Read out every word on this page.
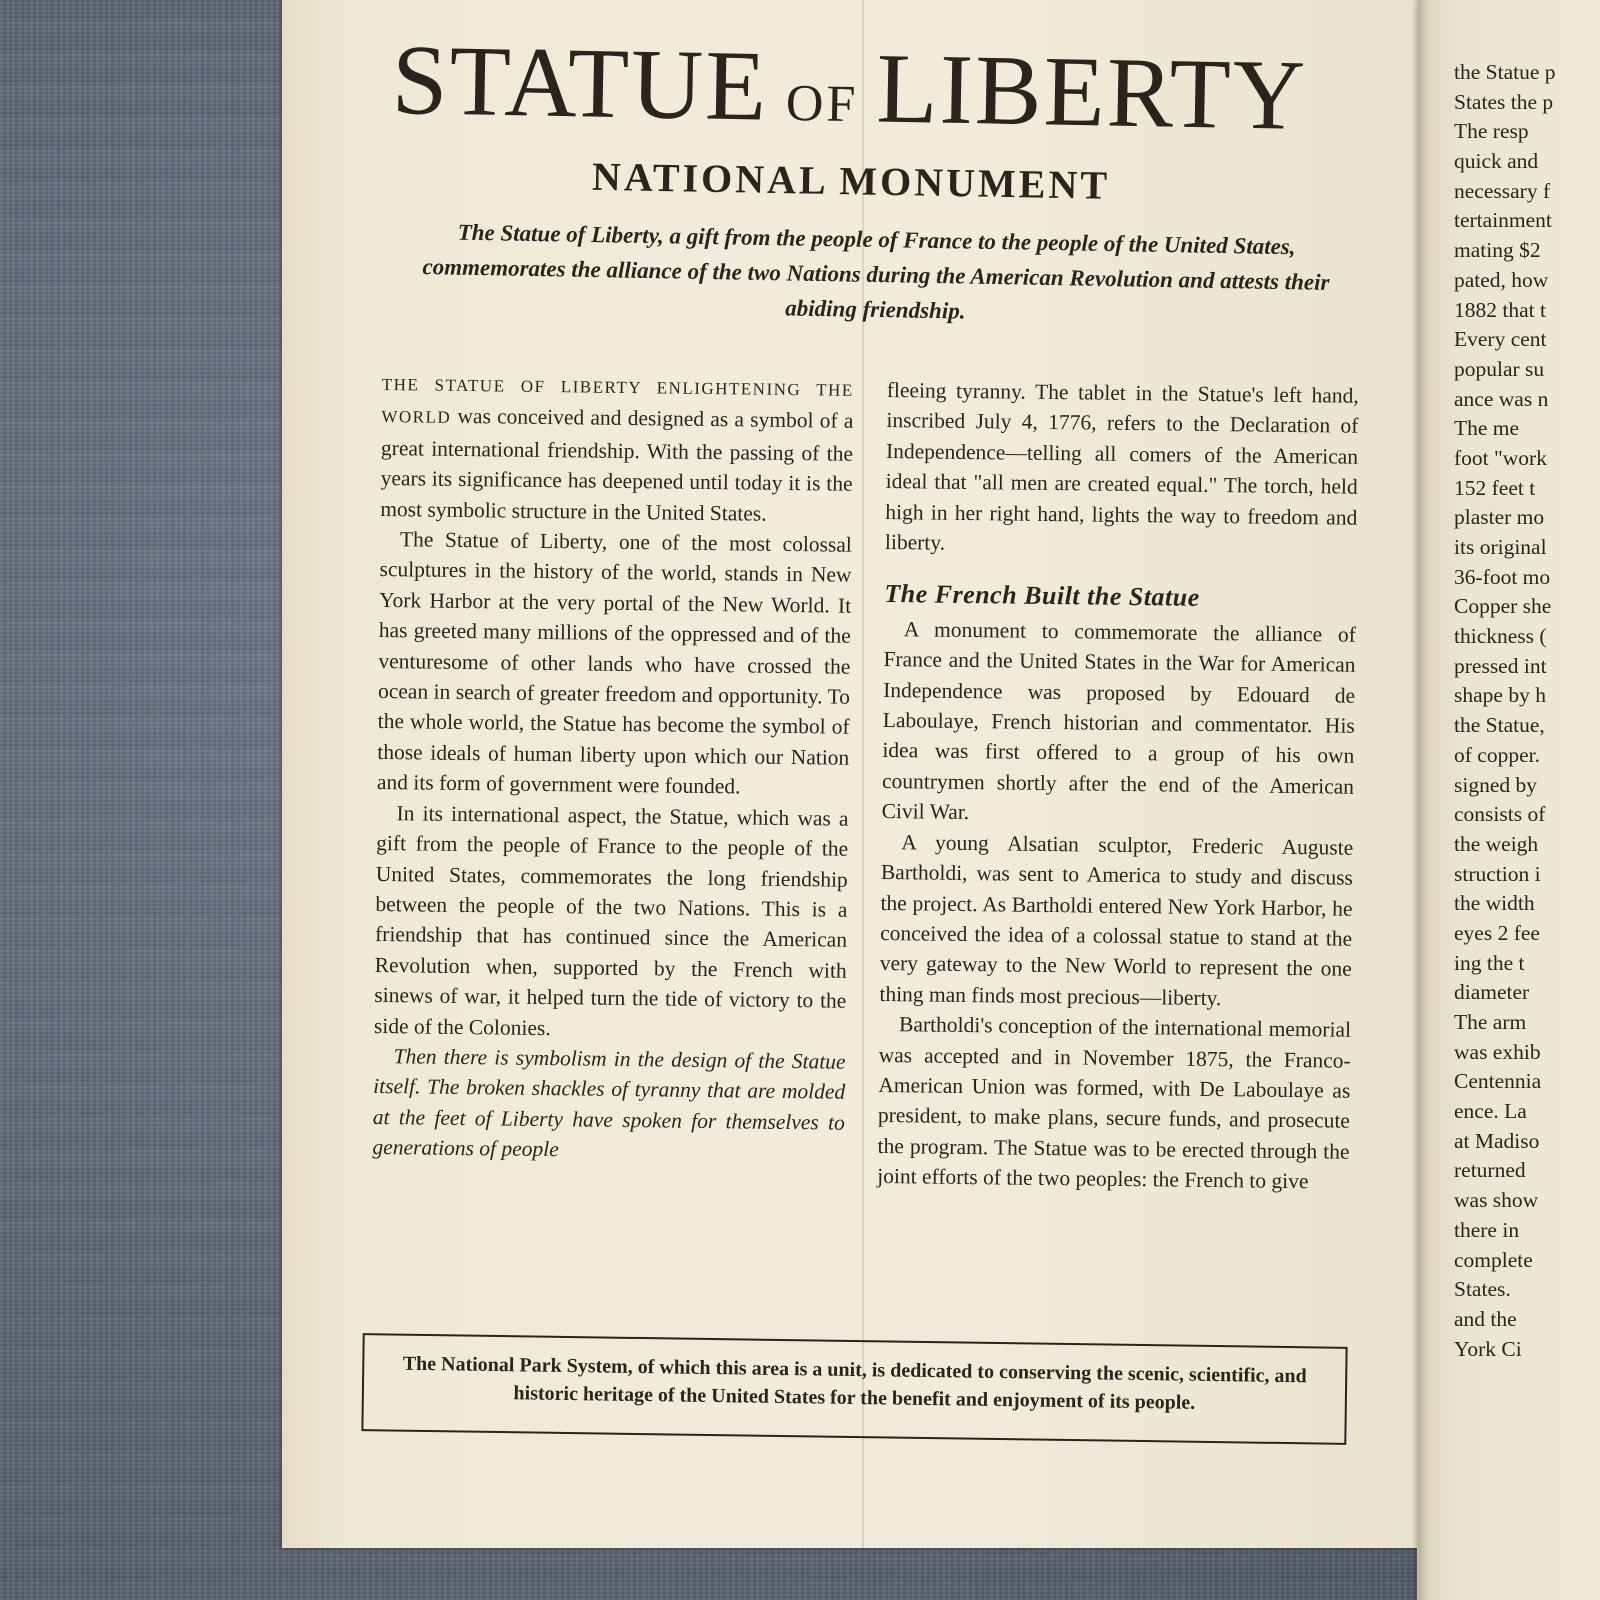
STATUE OF LIBERTY
NATIONAL MONUMENT
The Statue of Liberty, a gift from the people of France to the people of the United States, commemorates the alliance of the two Nations during the American Revolution and attests their abiding friendship.

THE STATUE OF LIBERTY ENLIGHTENING THE WORLD was conceived and designed as a symbol of a great international friendship. With the passing of the years its significance has deepened until today it is the most symbolic structure in the United States.

The Statue of Liberty, one of the most colossal sculptures in the history of the world, stands in New York Harbor at the very portal of the New World. It has greeted many millions of the oppressed and of the venturesome of other lands who have crossed the ocean in search of greater freedom and opportunity. To the whole world, the Statue has become the symbol of those ideals of human liberty upon which our Nation and its form of government were founded.

In its international aspect, the Statue, which was a gift from the people of France to the people of the United States, commemorates the long friendship between the people of the two Nations. This is a friendship that has continued since the American Revolution when, supported by the French with sinews of war, it helped turn the tide of victory to the side of the Colonies.

Then there is symbolism in the design of the Statue itself. The broken shackles of tyranny that are molded at the feet of Liberty have spoken for themselves to generations of people

fleeing tyranny. The tablet in the Statue's left hand, inscribed July 4, 1776, refers to the Declaration of Independence—telling all comers of the American ideal that "all men are created equal." The torch, held high in her right hand, lights the way to freedom and liberty.

The French Built the Statue

A monument to commemorate the alliance of France and the United States in the War for American Independence was proposed by Edouard de Laboulaye, French historian and commentator. His idea was first offered to a group of his own countrymen shortly after the end of the American Civil War.

A young Alsatian sculptor, Frederic Auguste Bartholdi, was sent to America to study and discuss the project. As Bartholdi entered New York Harbor, he conceived the idea of a colossal statue to stand at the very gateway to the New World to represent the one thing man finds most precious—liberty.

Bartholdi's conception of the international memorial was accepted and in November 1875, the Franco-American Union was formed, with De Laboulaye as president, to make plans, secure funds, and prosecute the program. The Statue was to be erected through the joint efforts of the two peoples: the French to give

The National Park System, of which this area is a unit, is dedicated to conserving the scenic, scientific, and historic heritage of the United States for the benefit and enjoyment of its people.
the Statue p
States the p
The resp
quick and
necessary f
tertainment
mating $2
pated, how
1882 that t
Every cent
popular su
ance was n
The me
foot "work
152 feet t
plaster mo
its original
36-foot mo
Copper she
thickness (
pressed int
shape by h
the Statue,
of copper.
signed by
consists of
the weigh
struction i
the width
eyes 2 fee
ing the t
diameter
The arm
was exhib
Centennia
ence. La
at Madiso
returned
was show
there in
complete
States.
and the
York Ci
